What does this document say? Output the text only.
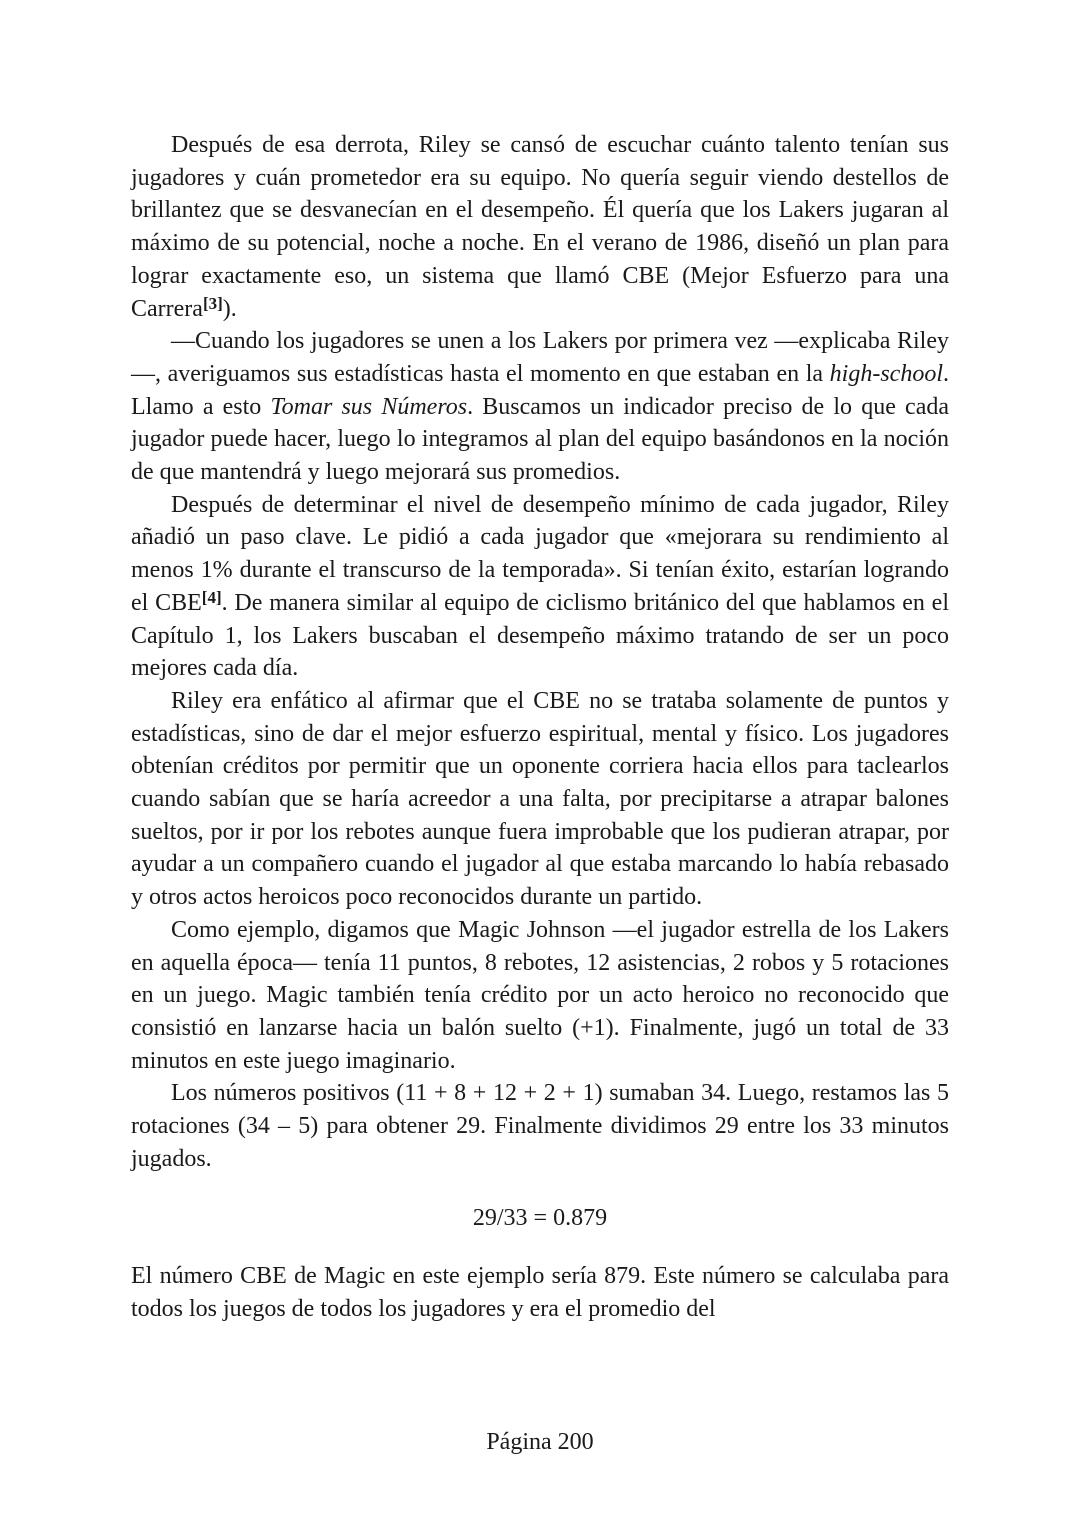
Después de esa derrota, Riley se cansó de escuchar cuánto talento tenían sus jugadores y cuán prometedor era su equipo. No quería seguir viendo destellos de brillantez que se desvanecían en el desempeño. Él quería que los Lakers jugaran al máximo de su potencial, noche a noche. En el verano de 1986, diseñó un plan para lograr exactamente eso, un sistema que llamó CBE (Mejor Esfuerzo para una Carrera[3]).

—Cuando los jugadores se unen a los Lakers por primera vez —explicaba Riley—, averiguamos sus estadísticas hasta el momento en que estaban en la high-school. Llamo a esto Tomar sus Números. Buscamos un indicador preciso de lo que cada jugador puede hacer, luego lo integramos al plan del equipo basándonos en la noción de que mantendrá y luego mejorará sus promedios.

Después de determinar el nivel de desempeño mínimo de cada jugador, Riley añadió un paso clave. Le pidió a cada jugador que «mejorara su rendimiento al menos 1% durante el transcurso de la temporada». Si tenían éxito, estarían logrando el CBE[4]. De manera similar al equipo de ciclismo británico del que hablamos en el Capítulo 1, los Lakers buscaban el desempeño máximo tratando de ser un poco mejores cada día.

Riley era enfático al afirmar que el CBE no se trataba solamente de puntos y estadísticas, sino de dar el mejor esfuerzo espiritual, mental y físico. Los jugadores obtenían créditos por permitir que un oponente corriera hacia ellos para taclearlos cuando sabían que se haría acreedor a una falta, por precipitarse a atrapar balones sueltos, por ir por los rebotes aunque fuera improbable que los pudieran atrapar, por ayudar a un compañero cuando el jugador al que estaba marcando lo había rebasado y otros actos heroicos poco reconocidos durante un partido.

Como ejemplo, digamos que Magic Johnson —el jugador estrella de los Lakers en aquella época— tenía 11 puntos, 8 rebotes, 12 asistencias, 2 robos y 5 rotaciones en un juego. Magic también tenía crédito por un acto heroico no reconocido que consistió en lanzarse hacia un balón suelto (+1). Finalmente, jugó un total de 33 minutos en este juego imaginario.

Los números positivos (11 + 8 + 12 + 2 + 1) sumaban 34. Luego, restamos las 5 rotaciones (34 – 5) para obtener 29. Finalmente dividimos 29 entre los 33 minutos jugados.

29/33 = 0.879

El número CBE de Magic en este ejemplo sería 879. Este número se calculaba para todos los juegos de todos los jugadores y era el promedio del

Página 200
